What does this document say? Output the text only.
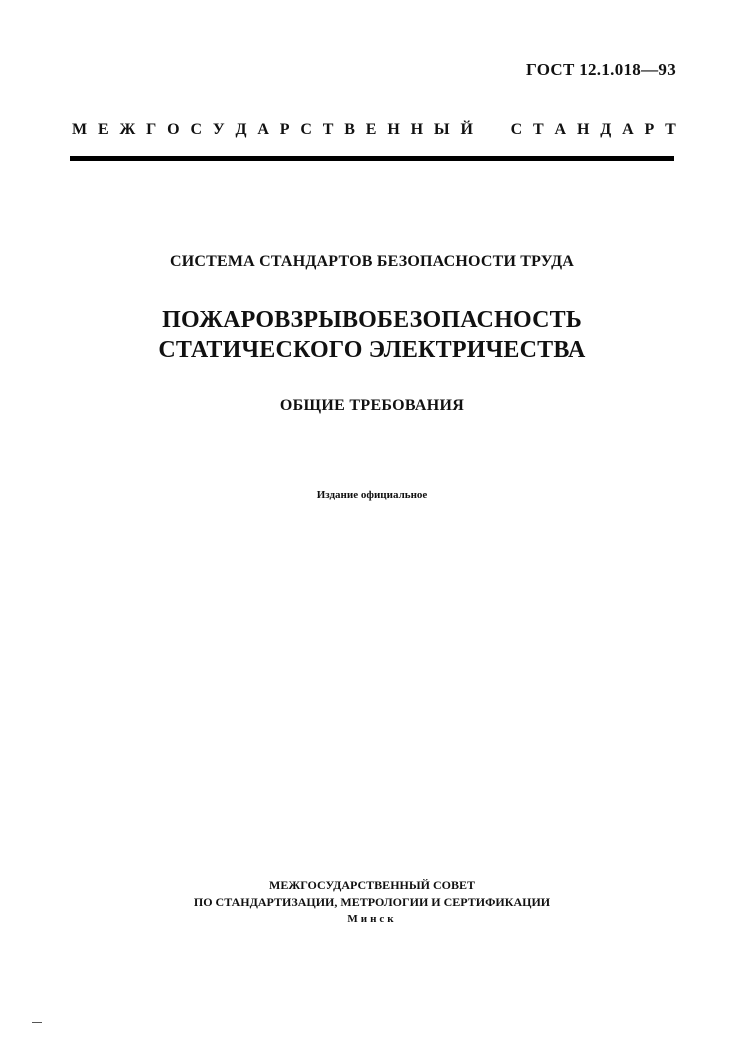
ГОСТ 12.1.018—93
М Е Ж Г О С У Д А Р С Т В Е Н Н Ы Й С Т А Н Д А Р Т
СИСТЕМА СТАНДАРТОВ БЕЗОПАСНОСТИ ТРУДА
ПОЖАРОВЗРЫВОБЕЗОПАСНОСТЬ
СТАТИЧЕСКОГО ЭЛЕКТРИЧЕСТВА
ОБЩИЕ ТРЕБОВАНИЯ
Издание официальное
МЕЖГОСУДАРСТВЕННЫЙ СОВЕТ
ПО СТАНДАРТИЗАЦИИ, МЕТРОЛОГИИ И СЕРТИФИКАЦИИ
Минск
